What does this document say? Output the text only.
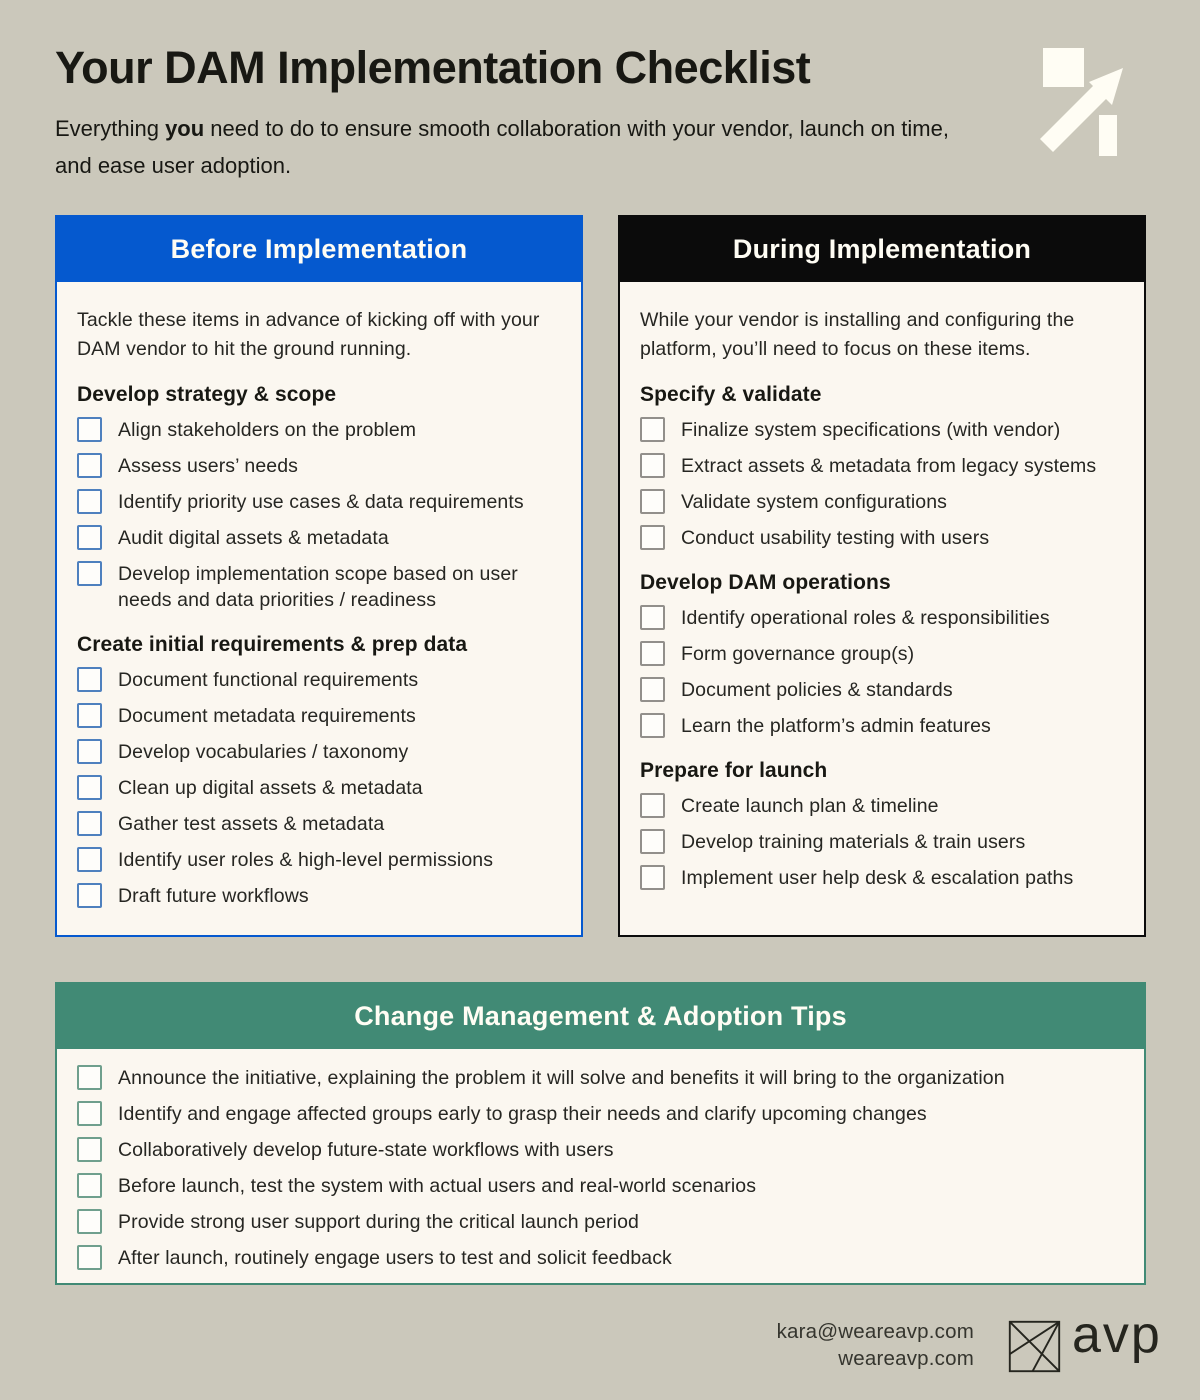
Your DAM Implementation Checklist
Everything you need to do to ensure smooth collaboration with your vendor, launch on time, and ease user adoption.
Before Implementation
Tackle these items in advance of kicking off with your DAM vendor to hit the ground running.
Develop strategy & scope
Align stakeholders on the problem
Assess users’ needs
Identify priority use cases & data requirements
Audit digital assets & metadata
Develop implementation scope based on user needs and data priorities / readiness
Create initial requirements & prep data
Document functional requirements
Document metadata requirements
Develop vocabularies / taxonomy
Clean up digital assets & metadata
Gather test assets & metadata
Identify user roles & high-level permissions
Draft future workflows
During Implementation
While your vendor is installing and configuring the platform, you’ll need to focus on these items.
Specify & validate
Finalize system specifications (with vendor)
Extract assets & metadata from legacy systems
Validate system configurations
Conduct usability testing with users
Develop DAM operations
Identify operational roles & responsibilities
Form governance group(s)
Document policies & standards
Learn the platform’s admin features
Prepare for launch
Create launch plan & timeline
Develop training materials & train users
Implement user help desk & escalation paths
Change Management & Adoption Tips
Announce the initiative, explaining the problem it will solve and benefits it will bring to the organization
Identify and engage affected groups early to grasp their needs and clarify upcoming changes
Collaboratively develop future-state workflows with users
Before launch, test the system with actual users and real-world scenarios
Provide strong user support during the critical launch period
After launch, routinely engage users to test and solicit feedback
kara@weareavp.com
weareavp.com avp
